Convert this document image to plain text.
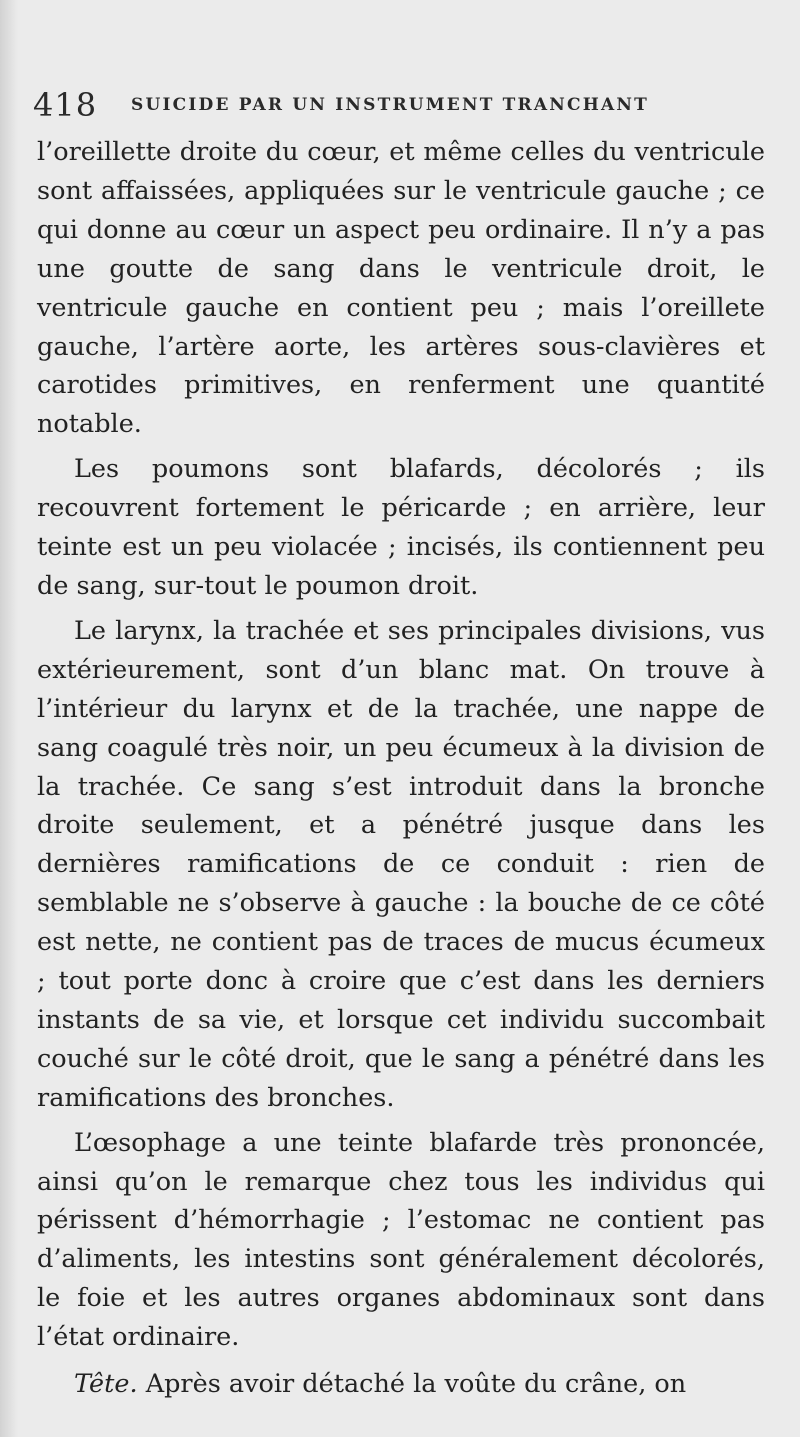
418 SUICIDE PAR UN INSTRUMENT TRANCHANT

l’oreillette droite du cœur, et même celles du ventricule sont affaissées, appliquées sur le ventricule gauche ; ce qui donne au cœur un aspect peu ordinaire. Il n’y a pas une goutte de sang dans le ventricule droit, le ventricule gauche en contient peu ; mais l’oreillete gauche, l’artère aorte, les artères sous-clavières et carotides primitives, en renferment une quantité notable.

Les poumons sont blafards, décolorés ; ils recouvrent fortement le péricarde ; en arrière, leur teinte est un peu violacée ; incisés, ils contiennent peu de sang, sur-tout le poumon droit.

Le larynx, la trachée et ses principales divisions, vus extérieurement, sont d’un blanc mat. On trouve à l’intérieur du larynx et de la trachée, une nappe de sang coagulé très noir, un peu écumeux à la division de la trachée. Ce sang s’est introduit dans la bronche droite seulement, et a pénétré jusque dans les dernières ramifications de ce conduit : rien de semblable ne s’observe à gauche : la bouche de ce côté est nette, ne contient pas de traces de mucus écumeux ; tout porte donc à croire que c’est dans les derniers instants de sa vie, et lorsque cet individu succombait couché sur le côté droit, que le sang a pénétré dans les ramifications des bronches.

L’œsophage a une teinte blafarde très prononcée, ainsi qu’on le remarque chez tous les individus qui périssent d’hémorrhagie ; l’estomac ne contient pas d’aliments, les intestins sont généralement décolorés, le foie et les autres organes abdominaux sont dans l’état ordinaire.

Tête. Après avoir détaché la voûte du crâne, on
